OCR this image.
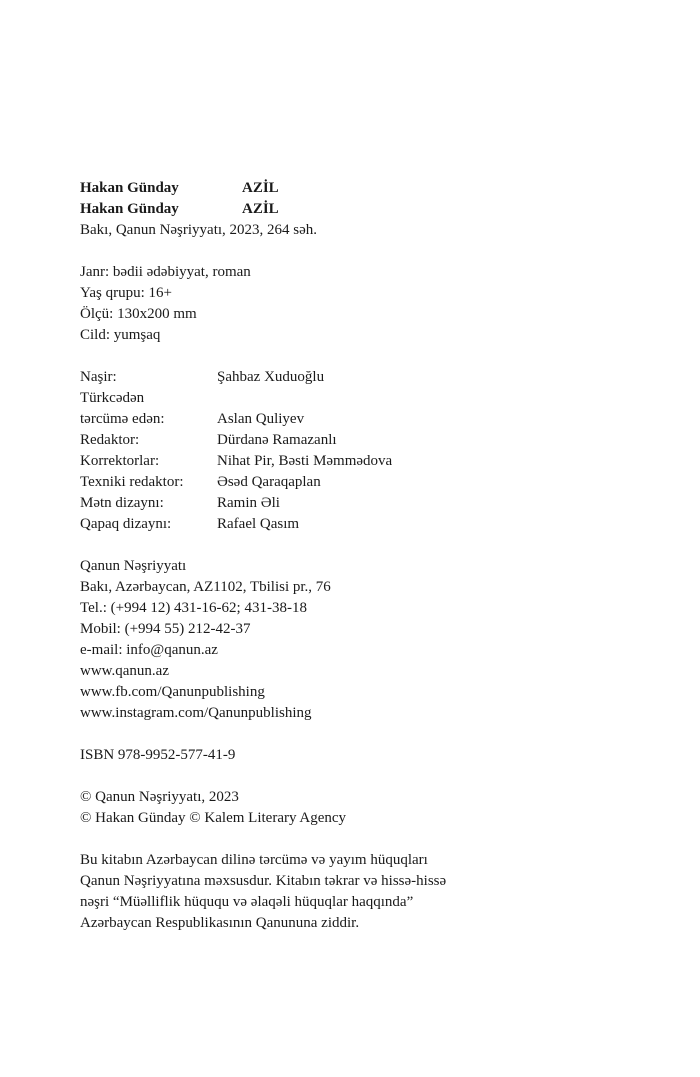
Hakan Günday	AZİL
Hakan Günday	AZİL
Bakı, Qanun Nəşriyyatı, 2023, 264 səh.
Janr: bədii ədəbiyyat, roman
Yaş qrupu: 16+
Ölçü: 130x200 mm
Cild: yumşaq
Naşir:	Şahbaz Xuduoğlu
Türkcədən
tərcümə edən:	Aslan Quliyev
Redaktor:	Dürdanə Ramazanlı
Korrektorlar:	Nihat Pir, Bəsti Məmmədova
Texniki redaktor:	Əsəd Qaraqaplan
Mətn dizaynı:	Ramin Əli
Qapaq dizaynı:	Rafael Qasım
Qanun Nəşriyyatı
Bakı, Azərbaycan, AZ1102, Tbilisi pr., 76
Tel.: (+994 12) 431-16-62; 431-38-18
Mobil: (+994 55) 212-42-37
e-mail: info@qanun.az
www.qanun.az
www.fb.com/Qanunpublishing
www.instagram.com/Qanunpublishing
ISBN 978-9952-577-41-9
© Qanun Nəşriyyatı, 2023
© Hakan Günday © Kalem Literary Agency
Bu kitabın Azərbaycan dilinə tərcümə və yayım hüquqları
Qanun Nəşriyyatına məxsusdur. Kitabın təkrar və hissə-hissə
nəşri “Müəlliflik hüququ və əlaqəli hüquqlar haqqında”
Azərbaycan Respublikasının Qanununa ziddir.
